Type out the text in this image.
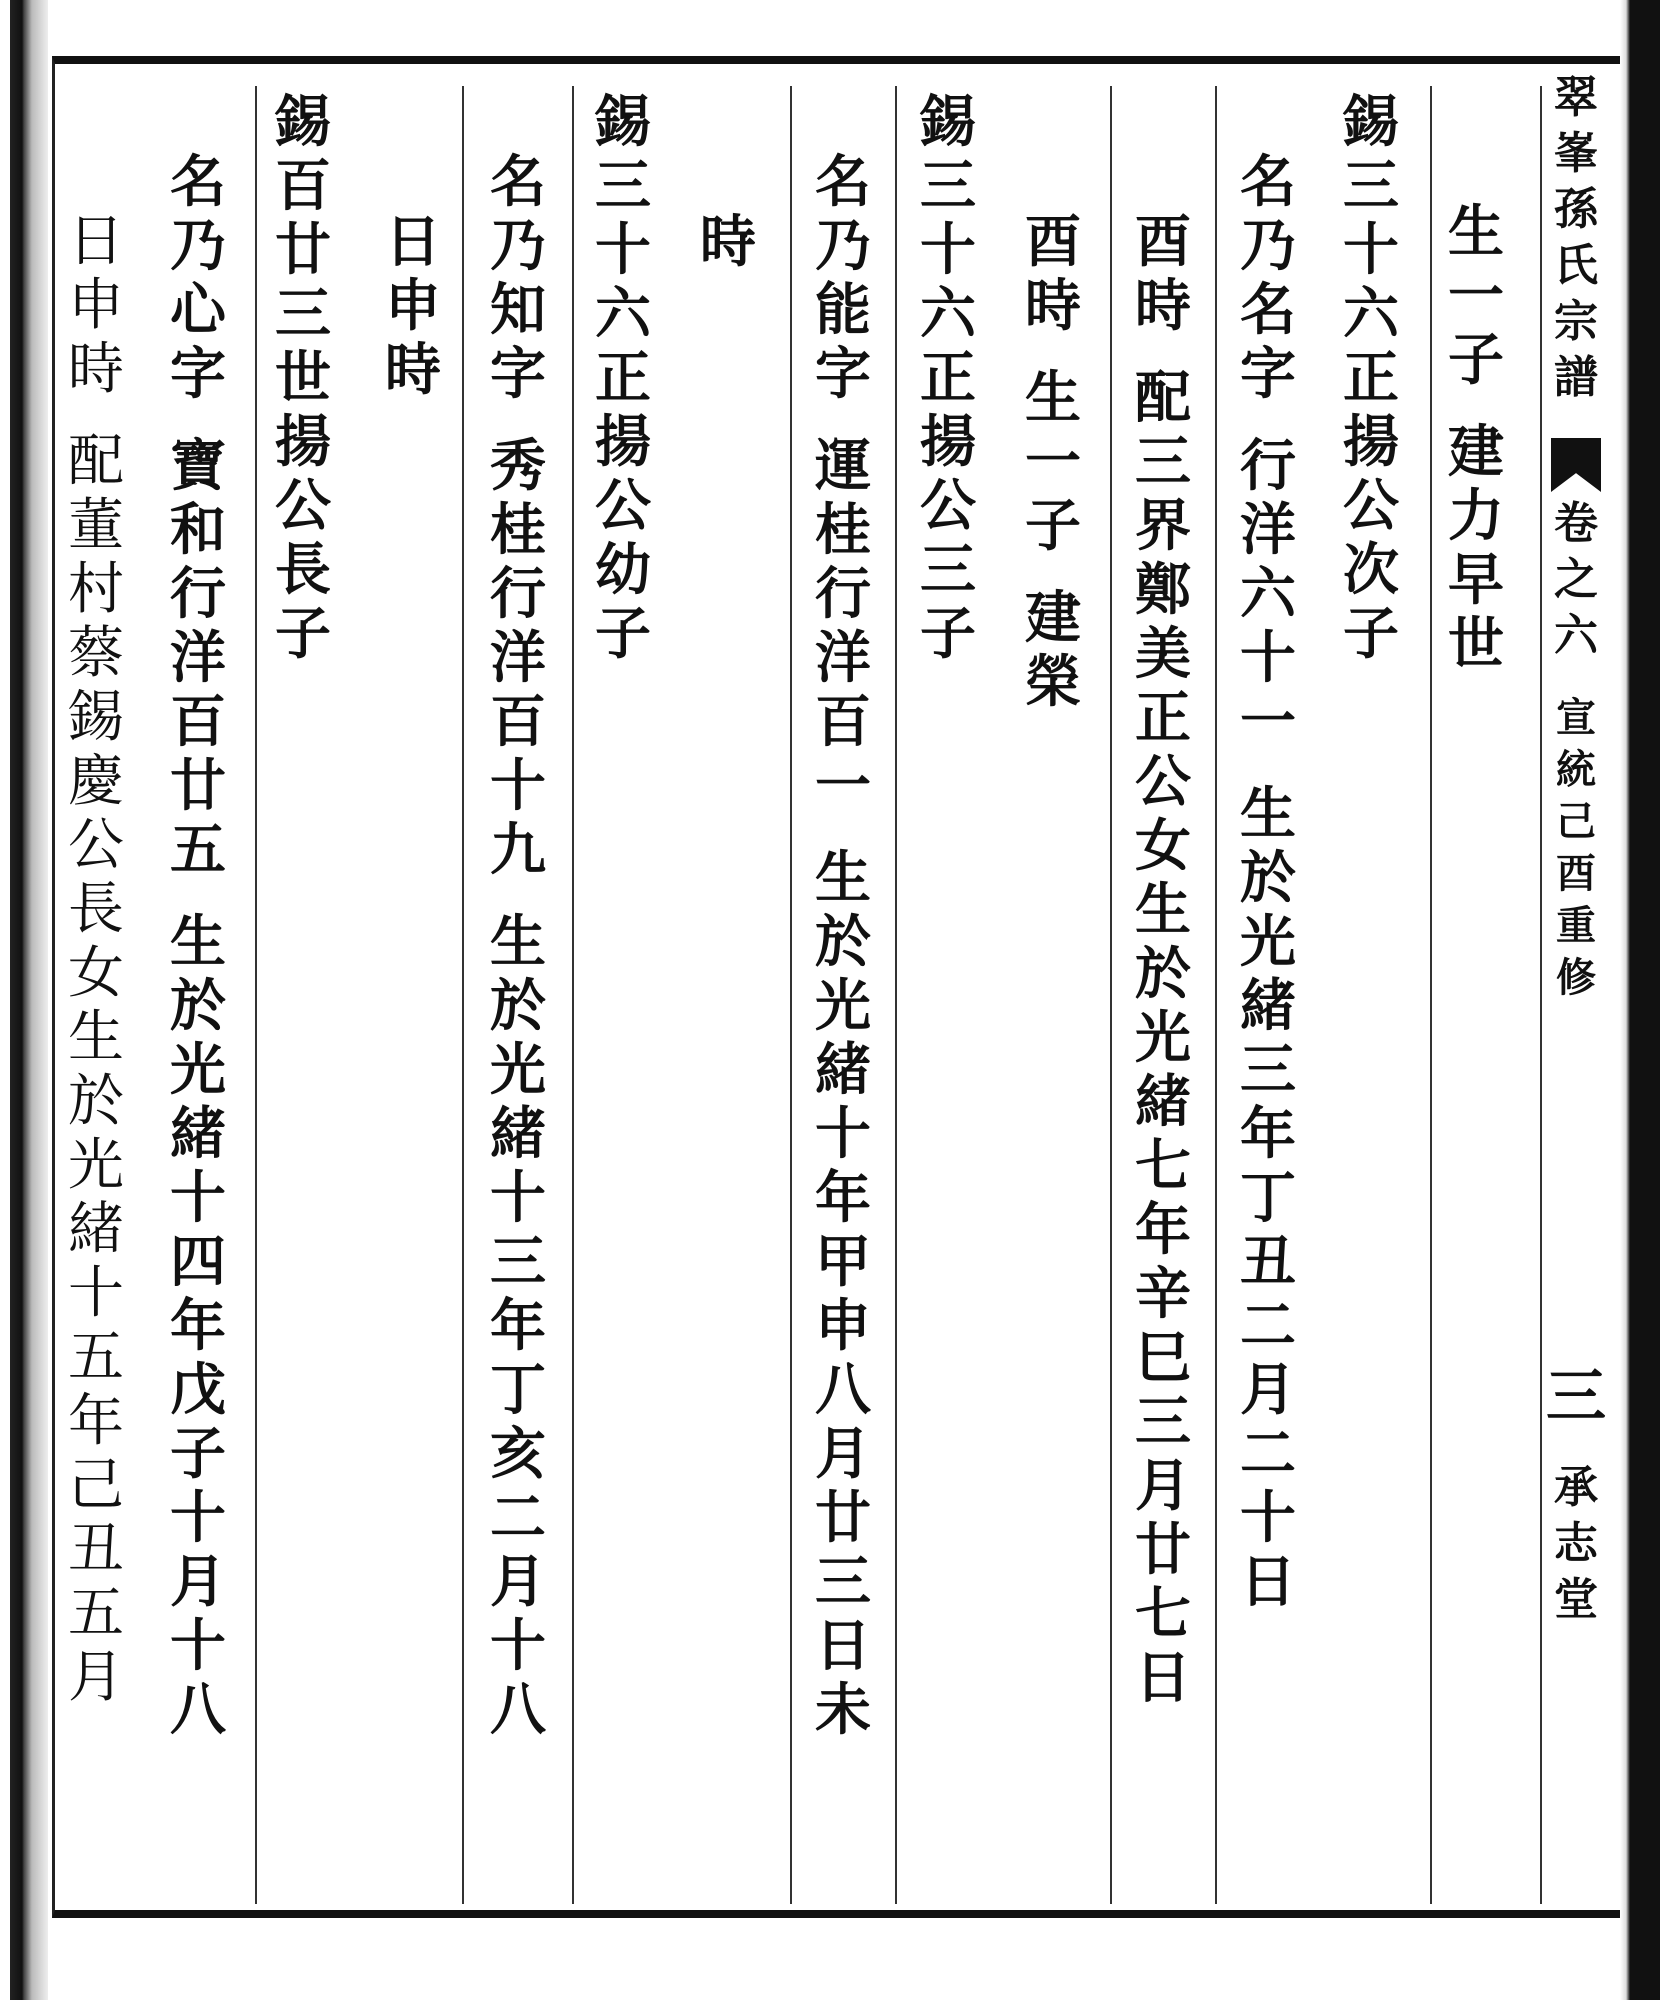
翠
峯
孫
氏
宗
譜
卷
之
六
宣
統
己
酉
重
修
三
承
志
堂
生
一
子
建
力
早
世
錫
三
十
六
正
揚
公
次
子
名
乃
名
字
行
洋
六
十
一
生
於
光
緒
三
年
丁
丑
二
月
二
十
日
酉
時
配
三
界
鄭
美
正
公
女
生
於
光
緒
七
年
辛
巳
三
月
廿
七
日
酉
時
生
一
子
建
榮
錫
三
十
六
正
揚
公
三
子
名
乃
能
字
運
桂
行
洋
百
一
生
於
光
緒
十
年
甲
申
八
月
廿
三
日
未
時
錫
三
十
六
正
揚
公
幼
子
名
乃
知
字
秀
桂
行
洋
百
十
九
生
於
光
緒
十
三
年
丁
亥
二
月
十
八
日
申
時
錫
百
廿
三
世
揚
公
長
子
名
乃
心
字
寶
和
行
洋
百
廿
五
生
於
光
緒
十
四
年
戊
子
十
月
十
八
日
申
時
配
董
村
蔡
錫
慶
公
長
女
生
於
光
緒
十
五
年
己
丑
五
月
